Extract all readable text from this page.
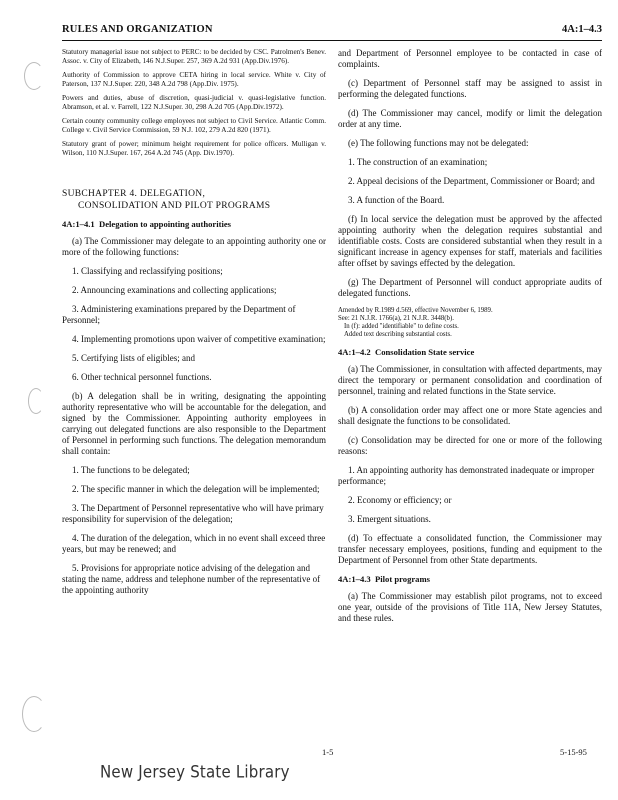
RULES AND ORGANIZATION	4A:1–4.3

Statutory managerial issue not subject to PERC: to be decided by CSC. Patrolmen's Benev. Assoc. v. City of Elizabeth, 146 N.J.Super. 257, 369 A.2d 931 (App.Div.1976).

Authority of Commission to approve CETA hiring in local service. White v. City of Paterson, 137 N.J.Super. 220, 348 A.2d 798 (App.Div. 1975).

Powers and duties, abuse of discretion, quasi-judicial v. quasi-legislative function. Abramson, et al. v. Farrell, 122 N.J.Super. 30, 298 A.2d 705 (App.Div.1972).

Certain county community college employees not subject to Civil Service. Atlantic Comm. College v. Civil Service Commission, 59 N.J. 102, 279 A.2d 820 (1971).

Statutory grant of power; minimum height requirement for police officers. Mulligan v. Wilson, 110 N.J.Super. 167, 264 A.2d 745 (App. Div.1970).

SUBCHAPTER 4. DELEGATION,
CONSOLIDATION AND PILOT PROGRAMS

4A:1–4.1 Delegation to appointing authorities

(a) The Commissioner may delegate to an appointing authority one or more of the following functions:

1. Classifying and reclassifying positions;

2. Announcing examinations and collecting applications;

3. Administering examinations prepared by the Department of Personnel;

4. Implementing promotions upon waiver of competitive examination;

5. Certifying lists of eligibles; and

6. Other technical personnel functions.

(b) A delegation shall be in writing, designating the appointing authority representative who will be accountable for the delegation, and signed by the Commissioner. Appointing authority employees in carrying out delegated functions are also responsible to the Department of Personnel in performing such functions. The delegation memorandum shall contain:

1. The functions to be delegated;

2. The specific manner in which the delegation will be implemented;

3. The Department of Personnel representative who will have primary responsibility for supervision of the delegation;

4. The duration of the delegation, which in no event shall exceed three years, but may be renewed; and

5. Provisions for appropriate notice advising of the delegation and stating the name, address and telephone number of the representative of the appointing authority

and Department of Personnel employee to be contacted in case of complaints.

(c) Department of Personnel staff may be assigned to assist in performing the delegated functions.

(d) The Commissioner may cancel, modify or limit the delegation order at any time.

(e) The following functions may not be delegated:

1. The construction of an examination;

2. Appeal decisions of the Department, Commissioner or Board; and

3. A function of the Board.

(f) In local service the delegation must be approved by the affected appointing authority when the delegation requires substantial and identifiable costs. Costs are considered substantial when they result in a significant increase in agency expenses for staff, materials and facilities after offset by savings effected by the delegation.

(g) The Department of Personnel will conduct appropriate audits of delegated functions.

Amended by R.1989 d.569, effective November 6, 1989.
See: 21 N.J.R. 1766(a), 21 N.J.R. 3448(b).
In (f): added "identifiable" to define costs.
Added text describing substantial costs.

4A:1–4.2 Consolidation State service

(a) The Commissioner, in consultation with affected departments, may direct the temporary or permanent consolidation and coordination of personnel, training and related functions in the State service.

(b) A consolidation order may affect one or more State agencies and shall designate the functions to be consolidated.

(c) Consolidation may be directed for one or more of the following reasons:

1. An appointing authority has demonstrated inadequate or improper performance;

2. Economy or efficiency; or

3. Emergent situations.

(d) To effectuate a consolidated function, the Commissioner may transfer necessary employees, positions, funding and equipment to the Department of Personnel from other State departments.

4A:1–4.3 Pilot programs

(a) The Commissioner may establish pilot programs, not to exceed one year, outside of the provisions of Title 11A, New Jersey Statutes, and these rules.

1-5	5-15-95
New Jersey State Library
